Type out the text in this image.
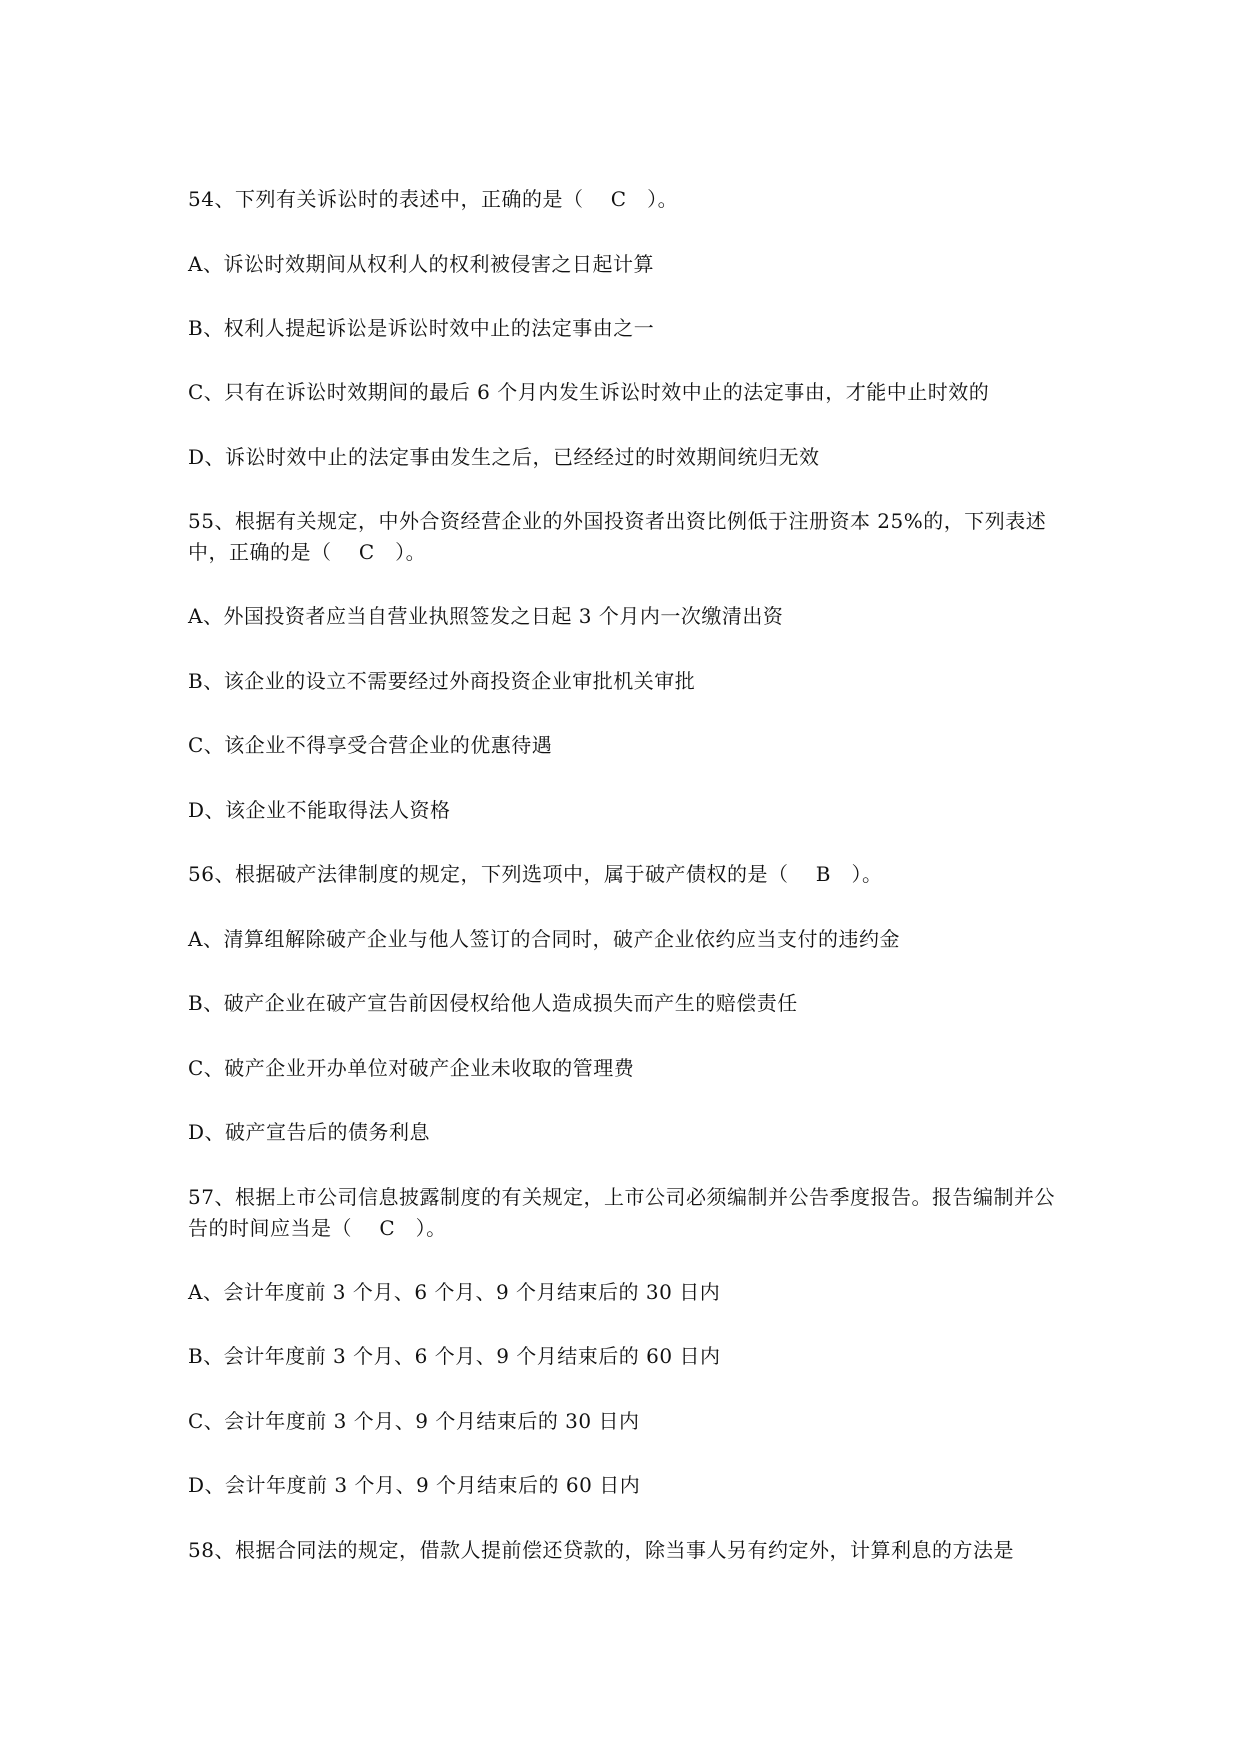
54、下列有关诉讼时的表述中，正确的是（　 C　）。
A、诉讼时效期间从权利人的权利被侵害之日起计算
B、权利人提起诉讼是诉讼时效中止的法定事由之一
C、只有在诉讼时效期间的最后 6 个月内发生诉讼时效中止的法定事由，才能中止时效的
D、诉讼时效中止的法定事由发生之后，已经经过的时效期间统归无效
55、根据有关规定，中外合资经营企业的外国投资者出资比例低于注册资本 25%的，下列表述中，正确的是（　 C　）。
A、外国投资者应当自营业执照签发之日起 3 个月内一次缴清出资
B、该企业的设立不需要经过外商投资企业审批机关审批
C、该企业不得享受合营企业的优惠待遇
D、该企业不能取得法人资格
56、根据破产法律制度的规定，下列选项中，属于破产债权的是（　 B　）。
A、清算组解除破产企业与他人签订的合同时，破产企业依约应当支付的违约金
B、破产企业在破产宣告前因侵权给他人造成损失而产生的赔偿责任
C、破产企业开办单位对破产企业未收取的管理费
D、破产宣告后的债务利息
57、根据上市公司信息披露制度的有关规定，上市公司必须编制并公告季度报告。报告编制并公告的时间应当是（　 C　）。
A、会计年度前 3 个月、6 个月、9 个月结束后的 30 日内
B、会计年度前 3 个月、6 个月、9 个月结束后的 60 日内
C、会计年度前 3 个月、9 个月结束后的 30 日内
D、会计年度前 3 个月、9 个月结束后的 60 日内
58、根据合同法的规定，借款人提前偿还贷款的，除当事人另有约定外，计算利息的方法是
